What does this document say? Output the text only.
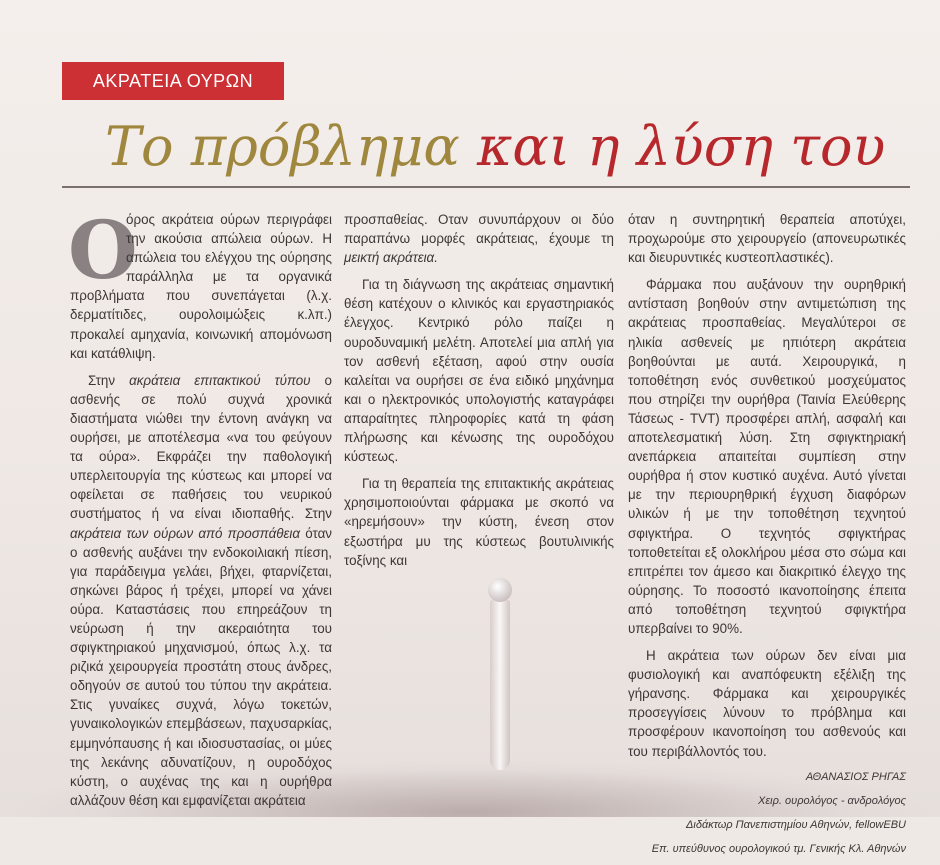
ΑΚΡΑΤΕΙΑ ΟΥΡΩΝ
Το πρόβλημα και η λύση του

Ο
όρος ακράτεια ούρων περιγράφει την ακούσια απώλεια ούρων. Η απώλεια του ελέγχου της ούρησης παράλληλα με τα οργανικά προβλήματα που συνεπάγεται (λ.χ. δερματίτιδες, ουρολοιμώξεις κ.λπ.) προκαλεί αμηχανία, κοινωνική απομόνωση και κατάθλιψη.

Στην ακράτεια επιτακτικού τύπου ο ασθενής σε πολύ συχνά χρονικά διαστήματα νιώθει την έντονη ανάγκη να ουρήσει, με αποτέλεσμα «να του φεύγουν τα ούρα». Εκφράζει την παθολογική υπερλειτουργία της κύστεως και μπορεί να οφείλεται σε παθήσεις του νευρικού συστήματος ή να είναι ιδιοπαθής. Στην ακράτεια των ούρων από προσπάθεια όταν ο ασθενής αυξάνει την ενδοκοιλιακή πίεση, για παράδειγμα γελάει, βήχει, φταρνίζεται, σηκώνει βάρος ή τρέχει, μπορεί να χάνει ούρα. Καταστάσεις που επηρεάζουν τη νεύρωση ή την ακεραιότητα του σφιγκτηριακού μηχανισμού, όπως λ.χ. τα ριζικά χειρουργεία προστάτη στους άνδρες, οδηγούν σε αυτού του τύπου την ακράτεια. Στις γυναίκες συχνά, λόγω τοκετών, γυναικολογικών επεμβάσεων, παχυσαρκίας, εμμηνόπαυσης ή και ιδιοσυστασίας, οι μύες της λεκάνης αδυνατίζουν, η ουροδόχος κύστη, ο αυχένας της και η ουρήθρα αλλάζουν θέση και εμφανίζεται ακράτεια

προσπαθείας. Οταν συνυπάρχουν οι δύο παραπάνω μορφές ακράτειας, έχουμε τη μεικτή ακράτεια.

Για τη διάγνωση της ακράτειας σημαντική θέση κατέχουν ο κλινικός και εργαστηριακός έλεγχος. Κεντρικό ρόλο παίζει η ουροδυναμική μελέτη. Αποτελεί μια απλή για τον ασθενή εξέταση, αφού στην ουσία καλείται να ουρήσει σε ένα ειδικό μηχάνημα και ο ηλεκτρονικός υπολογιστής καταγράφει απαραίτητες πληροφορίες κατά τη φάση πλήρωσης και κένωσης της ουροδόχου κύστεως.

Για τη θεραπεία της επιτακτικής ακράτειας χρησιμοποιούνται φάρμακα με σκοπό να «ηρεμήσουν» την κύστη, ένεση στον εξωστήρα μυ της κύστεως βουτυλινικής τοξίνης και

όταν η συντηρητική θεραπεία αποτύχει, προχωρούμε στο χειρουργείο (απονευρωτικές και διευρυντικές κυστεοπλαστικές).

Φάρμακα που αυξάνουν την ουρηθρική αντίσταση βοηθούν στην αντιμετώπιση της ακράτειας προσπαθείας. Μεγαλύτεροι σε ηλικία ασθενείς με ηπιότερη ακράτεια βοηθούνται με αυτά. Χειρουργικά, η τοποθέτηση ενός συνθετικού μοσχεύματος που στηρίζει την ουρήθρα (Ταινία Ελεύθερης Τάσεως - TVT) προσφέρει απλή, ασφαλή και αποτελεσματική λύση. Στη σφιγκτηριακή ανεπάρκεια απαιτείται συμπίεση στην ουρήθρα ή στον κυστικό αυχένα. Αυτό γίνεται με την περιουρηθρική έγχυση διαφόρων υλικών ή με την τοποθέτηση τεχνητού σφιγκτήρα. Ο τεχνητός σφιγκτήρας τοποθετείται εξ ολοκλήρου μέσα στο σώμα και επιτρέπει τον άμεσο και διακριτικό έλεγχο της ούρησης. Το ποσοστό ικανοποίησης έπειτα από τοποθέτηση τεχνητού σφιγκτήρα υπερβαίνει το 90%.

Η ακράτεια των ούρων δεν είναι μια φυσιολογική και αναπόφευκτη εξέλιξη της γήρανσης. Φάρμακα και χειρουργικές προσεγγίσεις λύνουν το πρόβλημα και προσφέρουν ικανοποίηση του ασθενούς και του περιβάλλοντός του.

ΑΘΑΝΑΣΙΟΣ ΡΗΓΑΣ

Χειρ. ουρολόγος - ανδρολόγος

Διδάκτωρ Πανεπιστημίου Αθηνών, fellowEBU

Επ. υπεύθυνος ουρολογικού τμ. Γενικής Κλ. Αθηνών
